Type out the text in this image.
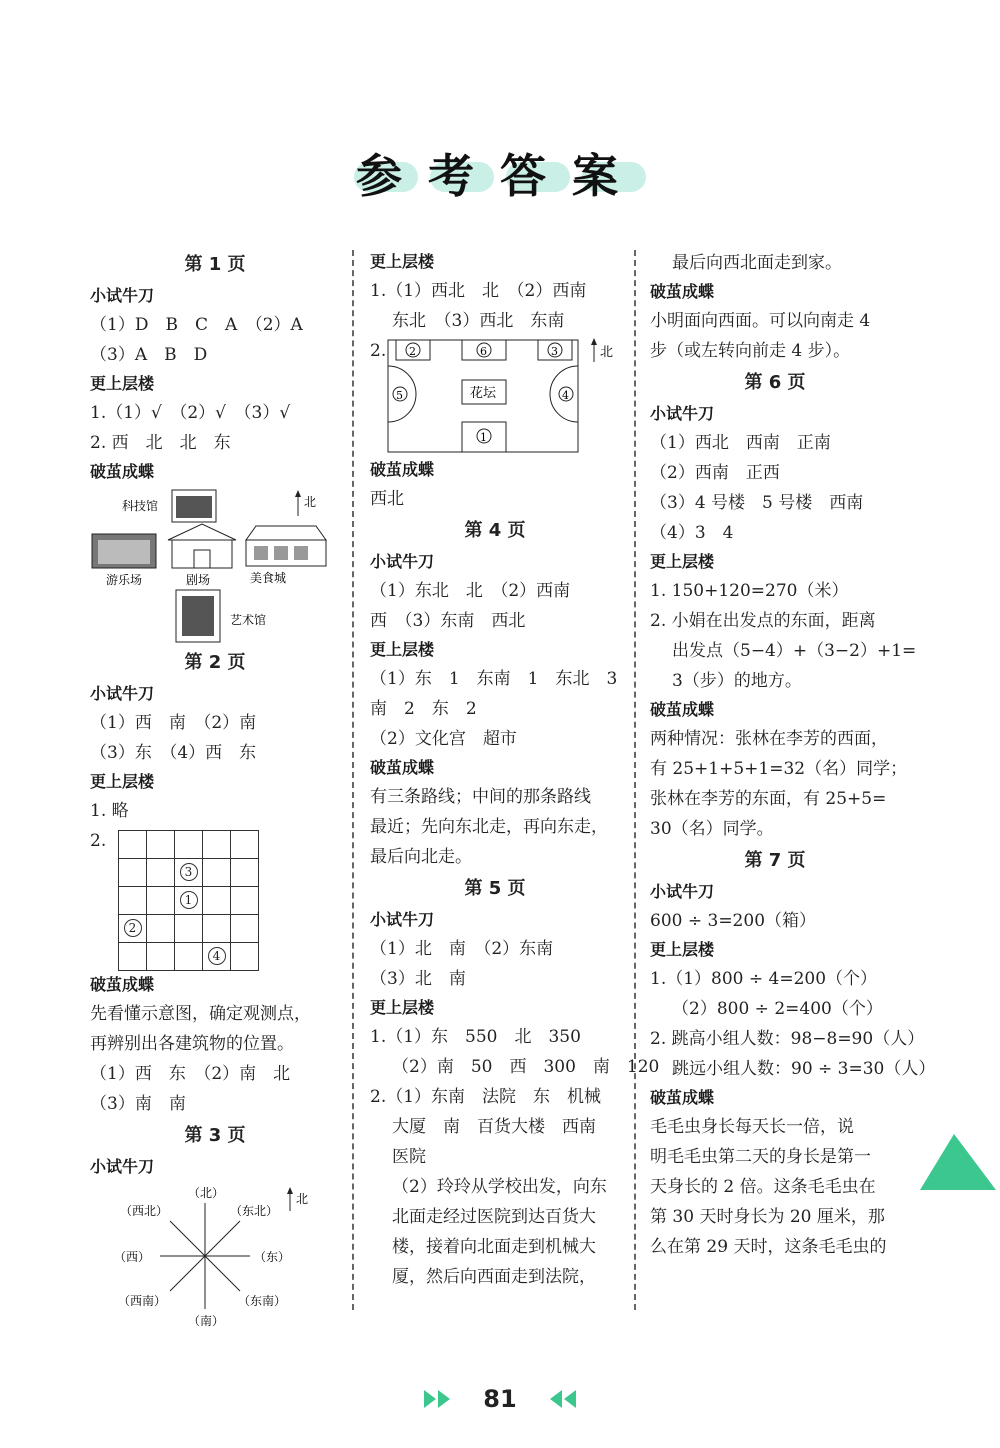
参考答案
第 1 页
小试牛刀
（1）D　B　C　A　（2）A
（3）A　B　D
更上层楼
1.（1）√　（2）√　（3）√
2. 西　北　北　东
破茧成蝶
科技馆	北
游乐场	剧场	美食城
艺术馆
第 2 页
小试牛刀
（1）西　南　（2）南
（3）东　（4）西　东
更上层楼
1. 略
2.

		3		
		1		
2				
			4	
破茧成蝶
先看懂示意图，确定观测点，
再辨别出各建筑物的位置。
（1）西　东　（2）南　北
（3）南　南
第 3 页
小试牛刀
（北）
（东北）
（东）
（东南）
（南）
（西南）
（西）
（西北）
北
更上层楼
1.（1）西北　北　（2）西南
东北　（3）西北　东南
2. 2	6	3
5	4
1
花坛
北
破茧成蝶
西北
第 4 页
小试牛刀
（1）东北　北　（2）西南
西　（3）东南　西北
更上层楼
（1）东　1　东南　1　东北　3
南　2　东　2
（2）文化宫　超市
破茧成蝶
有三条路线；中间的那条路线
最近；先向东北走，再向东走，
最后向北走。
第 5 页
小试牛刀
（1）北　南　（2）东南
（3）北　南
更上层楼
1.（1）东　550　北　350
（2）南　50　西　300　南　120
2.（1）东南　法院　东　机械
大厦　南　百货大楼　西南
医院
（2）玲玲从学校出发，向东
北面走经过医院到达百货大
楼，接着向北面走到机械大
厦，然后向西面走到法院，
最后向西北面走到家。
破茧成蝶
小明面向西面。可以向南走 4
步（或左转向前走 4 步）。
第 6 页
小试牛刀
（1）西北　西南　正南
（2）西南　正西
（3）4 号楼　5 号楼　西南
（4）3　4
更上层楼
1. 150+120=270（米）
2. 小娟在出发点的东面，距离
出发点（5−4）+（3−2）+1=
3（步）的地方。
破茧成蝶
两种情况：张林在李芳的西面，
有 25+1+5+1=32（名）同学；
张林在李芳的东面，有 25+5=
30（名）同学。
第 7 页
小试牛刀
600 ÷ 3=200（箱）
更上层楼
1.（1）800 ÷ 4=200（个）
（2）800 ÷ 2=400（个）
2. 跳高小组人数：98−8=90（人）
跳远小组人数：90 ÷ 3=30（人）
破茧成蝶
毛毛虫身长每天长一倍，说
明毛毛虫第二天的身长是第一
天身长的 2 倍。这条毛毛虫在
第 30 天时身长为 20 厘米，那
么在第 29 天时，这条毛毛虫的
81
